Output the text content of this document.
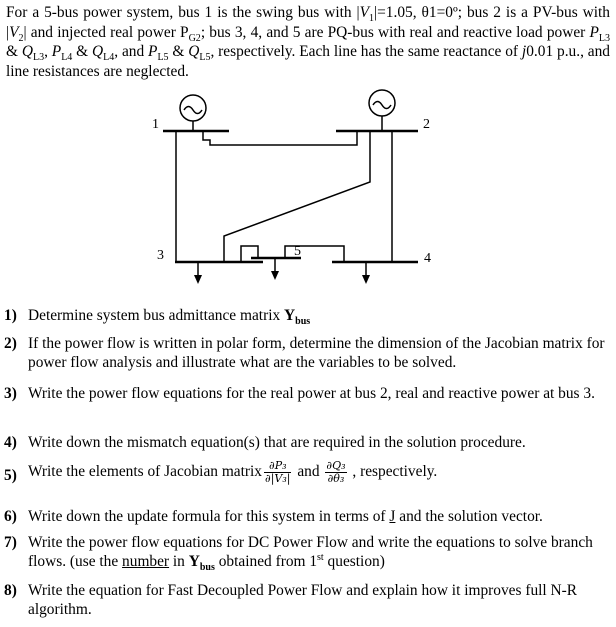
For a 5-bus power system, bus 1 is the swing bus with $|V_1|=1.05$, θ1=0º; bus 2 is a PV-bus with $|V_2|$ and injected real power $P_{G2}$; bus 3, 4, and 5 are PQ-bus with real and reactive load power $P_{L3}$ & $Q_{L3}$, $P_{L4}$ & $Q_{L4}$, and $P_{L5}$ & $Q_{L5}$, respectively. Each line has the same reactance of j0.01 p.u., and line resistances are neglected.
1	2
3	5	4
1) Determine system bus admittance matrix $Y_{bus}$
2) If the power flow is written in polar form, determine the dimension of the Jacobian matrix for power flow analysis and illustrate what are the variables to be solved.
3) Write the power flow equations for the real power at bus 2, real and reactive power at bus 3.
4) Write down the mismatch equation(s) that are required in the solution procedure.
5) Write the elements of Jacobian matrix $\frac{\text{∂P₃}}{\text{∂|V₃|}}$ and $\frac{\text{∂Q₃}}{\text{∂θ₃}}$ , respectively.
6) Write down the update formula for this system in terms of J and the solution vector.
7) Write the power flow equations for DC Power Flow and write the equations to solve branch flows. (use the number in $Y_{bus}$ obtained from 1st question)
8) Write the equation for Fast Decoupled Power Flow and explain how it improves full N-R algorithm.
